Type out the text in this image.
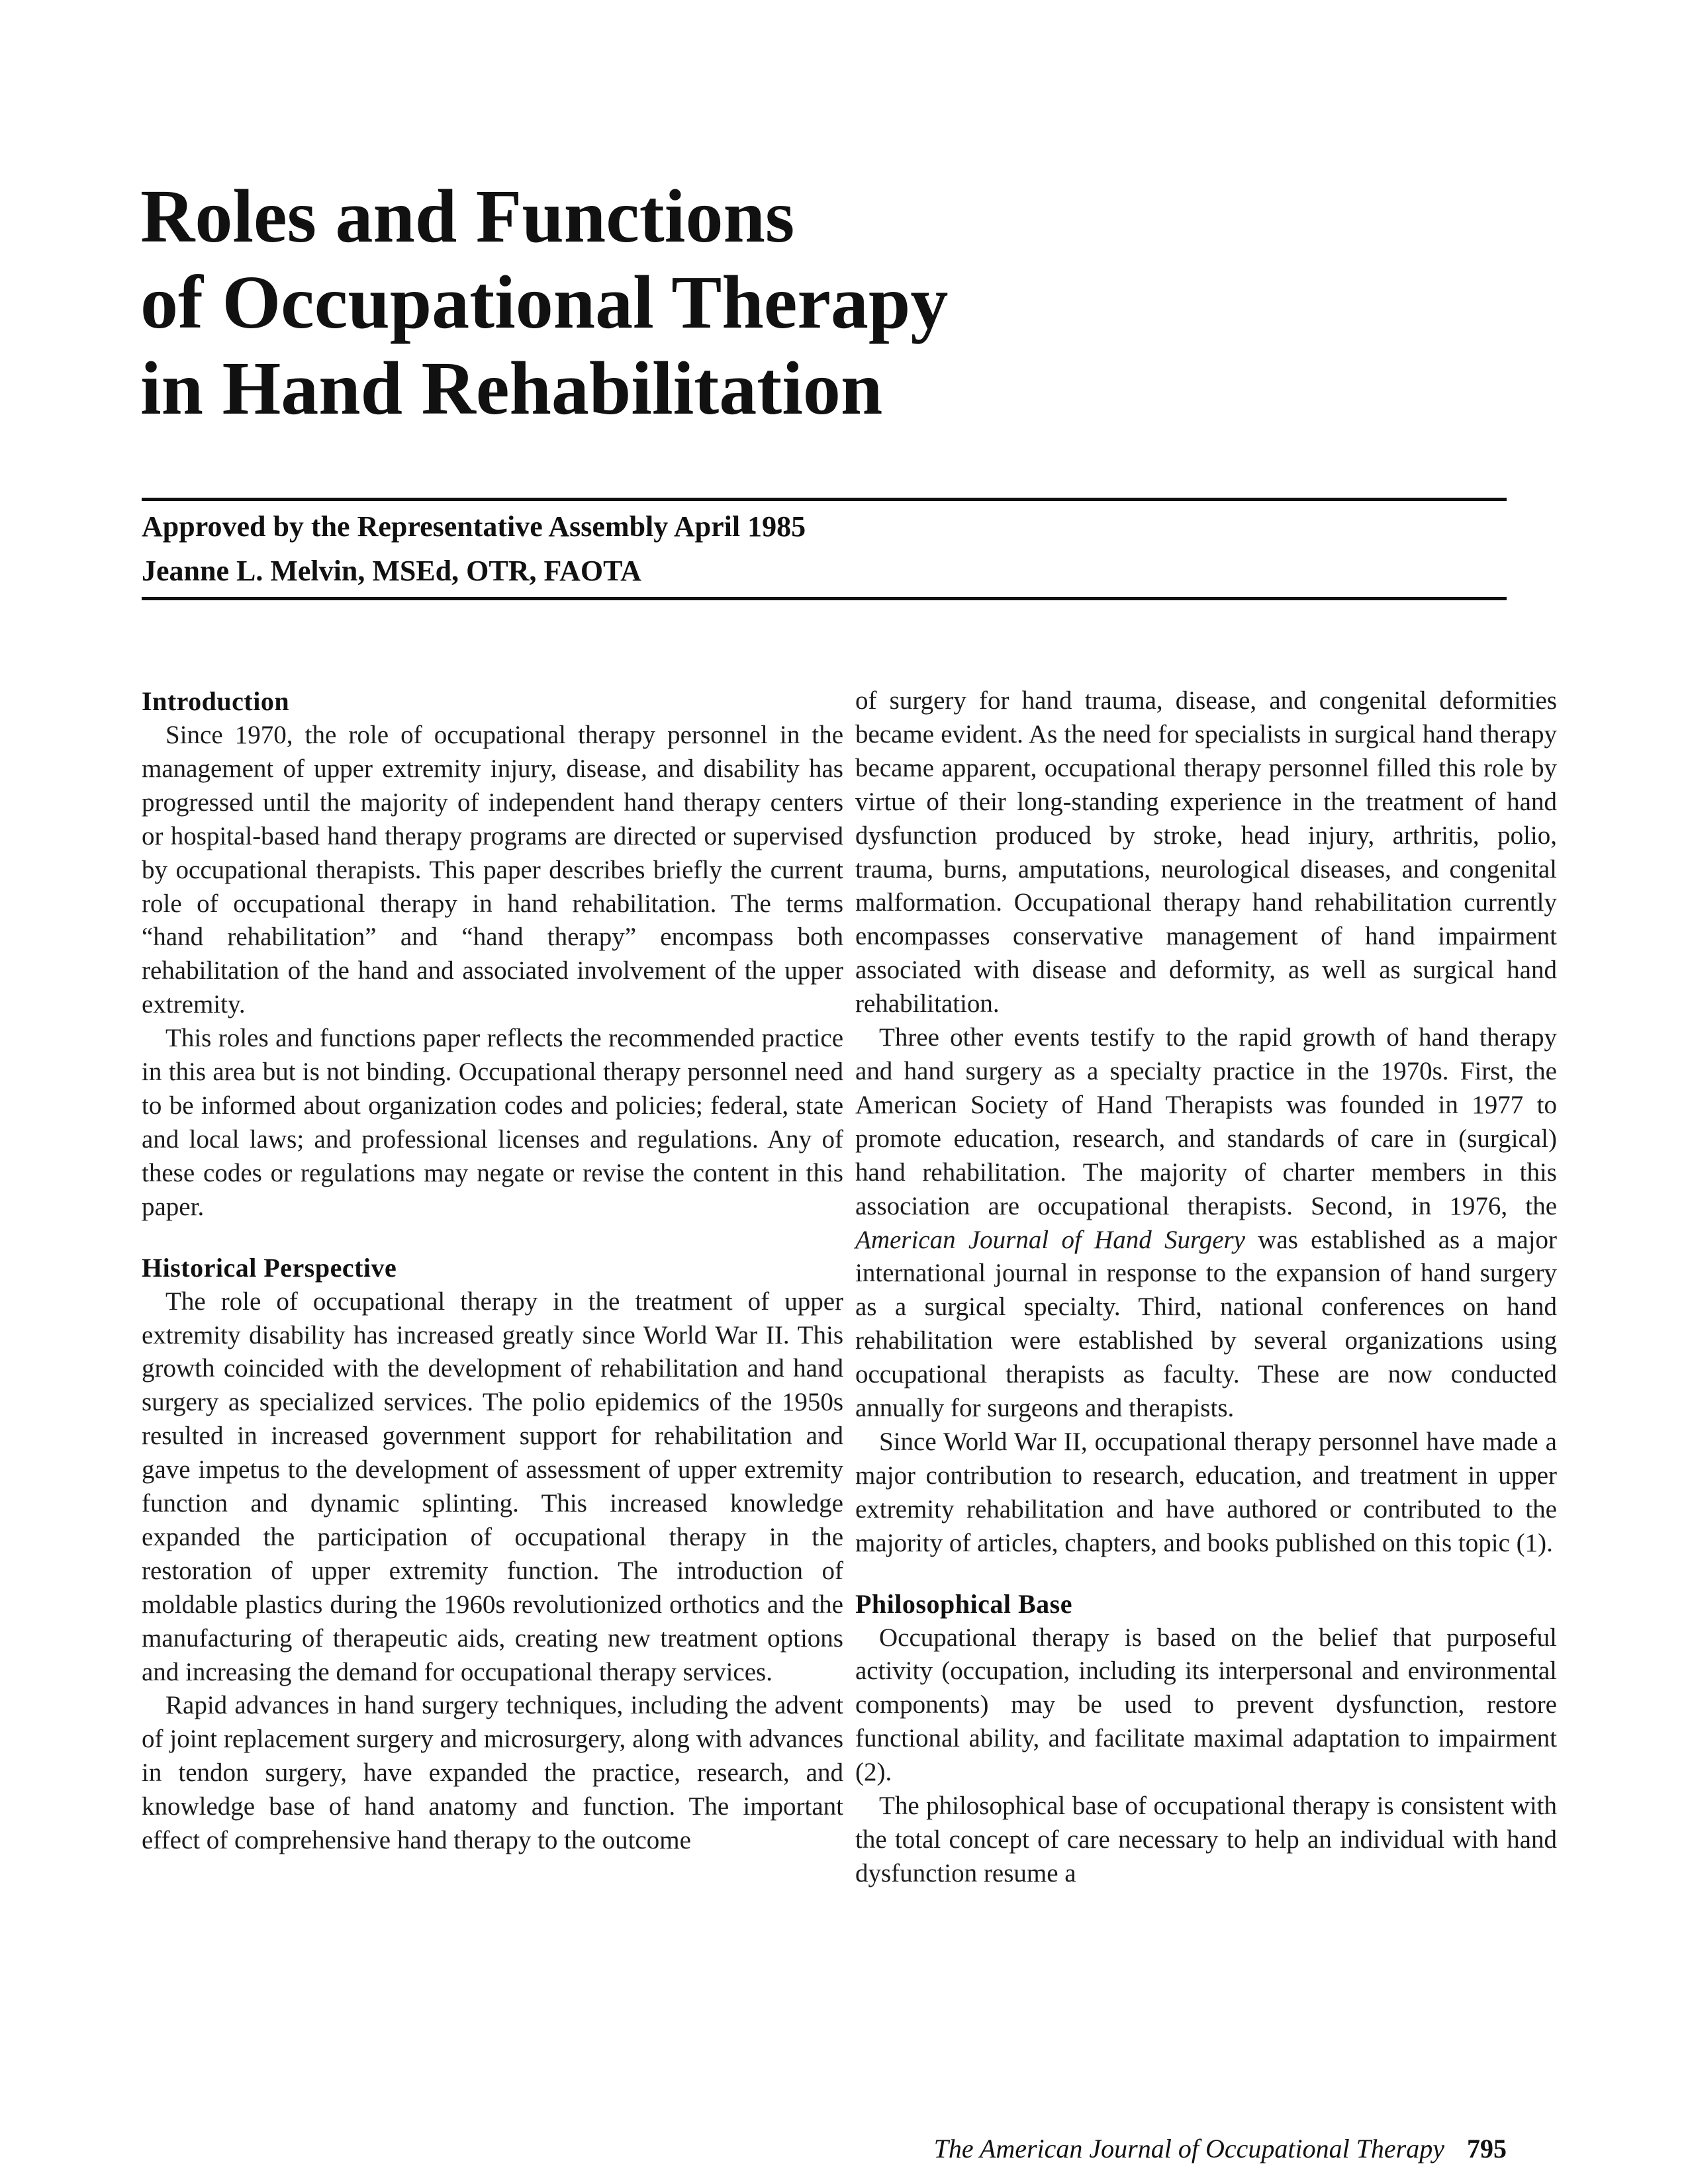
Roles and Functions
of Occupational Therapy
in Hand Rehabilitation
Approved by the Representative Assembly April 1985
Jeanne L. Melvin, MSEd, OTR, FAOTA
Introduction

Since 1970, the role of occupational therapy personnel in the management of upper extremity injury, disease, and disability has progressed until the majority of independent hand therapy centers or hospital-based hand therapy programs are directed or supervised by occupational therapists. This paper describes briefly the current role of occupational therapy in hand rehabilitation. The terms “hand rehabilitation” and “hand therapy” encompass both rehabilitation of the hand and associated involvement of the upper extremity.

This roles and functions paper reflects the recommended practice in this area but is not binding. Occupational therapy personnel need to be informed about organization codes and policies; federal, state and local laws; and professional licenses and regulations. Any of these codes or regulations may negate or revise the content in this paper.

Historical Perspective

The role of occupational therapy in the treatment of upper extremity disability has increased greatly since World War II. This growth coincided with the development of rehabilitation and hand surgery as specialized services. The polio epidemics of the 1950s resulted in increased government support for rehabilitation and gave impetus to the development of assessment of upper extremity function and dynamic splinting. This increased knowledge expanded the participation of occupational therapy in the restoration of upper extremity function. The introduction of moldable plastics during the 1960s revolutionized orthotics and the manufacturing of therapeutic aids, creating new treatment options and increasing the demand for occupational therapy services.

Rapid advances in hand surgery techniques, including the advent of joint replacement surgery and microsurgery, along with advances in tendon surgery, have expanded the practice, research, and knowledge base of hand anatomy and function. The important effect of comprehensive hand therapy to the outcome

of surgery for hand trauma, disease, and congenital deformities became evident. As the need for specialists in surgical hand therapy became apparent, occupational therapy personnel filled this role by virtue of their long-standing experience in the treatment of hand dysfunction produced by stroke, head injury, arthritis, polio, trauma, burns, amputations, neurological diseases, and congenital malformation. Occupational therapy hand rehabilitation currently encompasses conservative management of hand impairment associated with disease and deformity, as well as surgical hand rehabilitation.

Three other events testify to the rapid growth of hand therapy and hand surgery as a specialty practice in the 1970s. First, the American Society of Hand Therapists was founded in 1977 to promote education, research, and standards of care in (surgical) hand rehabilitation. The majority of charter members in this association are occupational therapists. Second, in 1976, the American Journal of Hand Surgery was established as a major international journal in response to the expansion of hand surgery as a surgical specialty. Third, national conferences on hand rehabilitation were established by several organizations using occupational therapists as faculty. These are now conducted annually for surgeons and therapists.

Since World War II, occupational therapy personnel have made a major contribution to research, education, and treatment in upper extremity rehabilitation and have authored or contributed to the majority of articles, chapters, and books published on this topic (1).

Philosophical Base

Occupational therapy is based on the belief that purposeful activity (occupation, including its interpersonal and environmental components) may be used to prevent dysfunction, restore functional ability, and facilitate maximal adaptation to impairment (2).

The philosophical base of occupational therapy is consistent with the total concept of care necessary to help an individual with hand dysfunction resume a

The American Journal of Occupational Therapy 795
